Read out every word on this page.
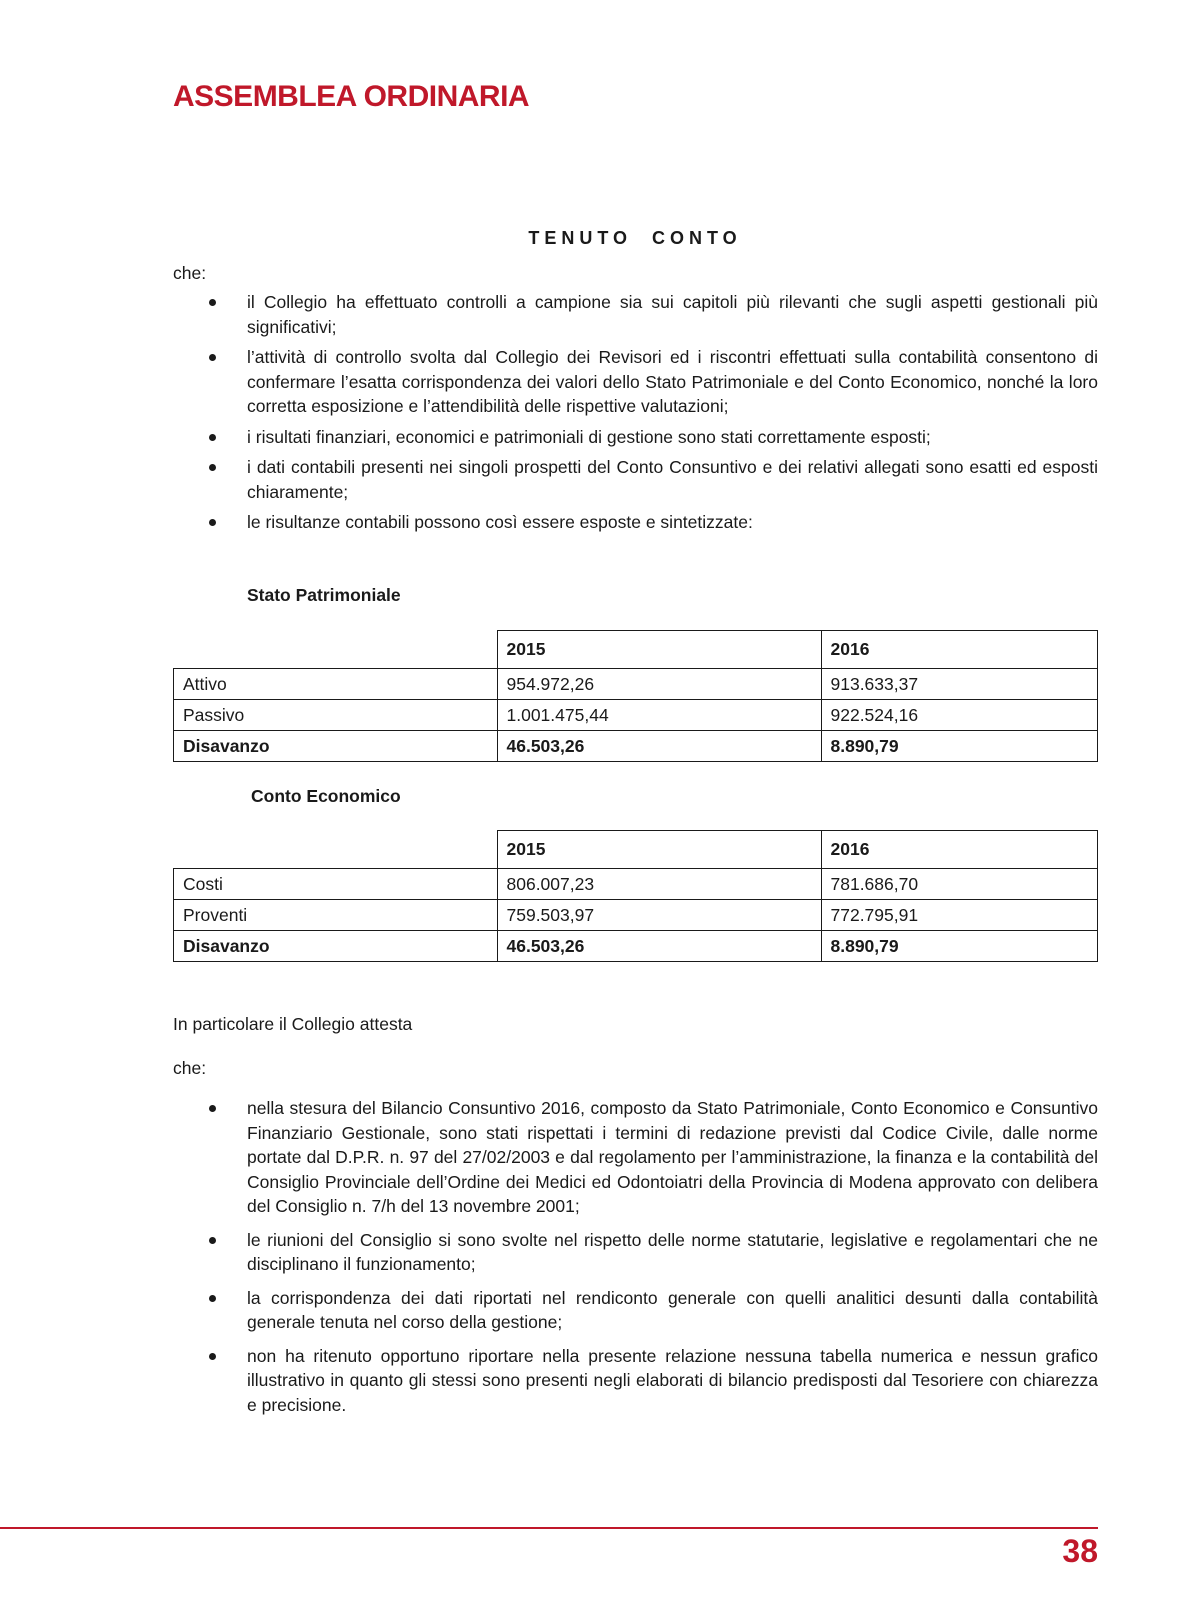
ASSEMBLEA ORDINARIA
TENUTO CONTO
che:
il Collegio ha effettuato controlli a campione sia sui capitoli più rilevanti che sugli aspetti gestionali più significativi;
l’attività di controllo svolta dal Collegio dei Revisori ed i riscontri effettuati sulla contabilità consentono di confermare l’esatta corrispondenza dei valori dello Stato Patrimoniale e del Conto Economico, nonché la loro corretta esposizione e l’attendibilità delle rispettive valutazioni;
i risultati finanziari, economici e patrimoniali di gestione sono stati correttamente esposti;
i dati contabili presenti nei singoli prospetti del Conto Consuntivo e dei relativi allegati sono esatti ed esposti chiaramente;
le risultanze contabili possono così essere esposte e sintetizzate:
Stato Patrimoniale
	2015	2016
Attivo	954.972,26	913.633,37
Passivo	1.001.475,44	922.524,16
Disavanzo	46.503,26	8.890,79
Conto Economico
	2015	2016
Costi	806.007,23	781.686,70
Proventi	759.503,97	772.795,91
Disavanzo	46.503,26	8.890,79
In particolare il Collegio attesta
che:
nella stesura del Bilancio Consuntivo 2016, composto da Stato Patrimoniale, Conto Economico e Consuntivo Finanziario Gestionale, sono stati rispettati i termini di redazione previsti dal Codice Civile, dalle norme portate dal D.P.R. n. 97 del 27/02/2003 e dal regolamento per l’amministrazione, la finanza e la contabilità del Consiglio Provinciale dell’Ordine dei Medici ed Odontoiatri della Provincia di Modena approvato con delibera del Consiglio n. 7/h del 13 novembre 2001;
le riunioni del Consiglio si sono svolte nel rispetto delle norme statutarie, legislative e regolamentari che ne disciplinano il funzionamento;
la corrispondenza dei dati riportati nel rendiconto generale con quelli analitici desunti dalla contabilità generale tenuta nel corso della gestione;
non ha ritenuto opportuno riportare nella presente relazione nessuna tabella numerica e nessun grafico illustrativo in quanto gli stessi sono presenti negli elaborati di bilancio predisposti dal Tesoriere con chiarezza e precisione.
38
